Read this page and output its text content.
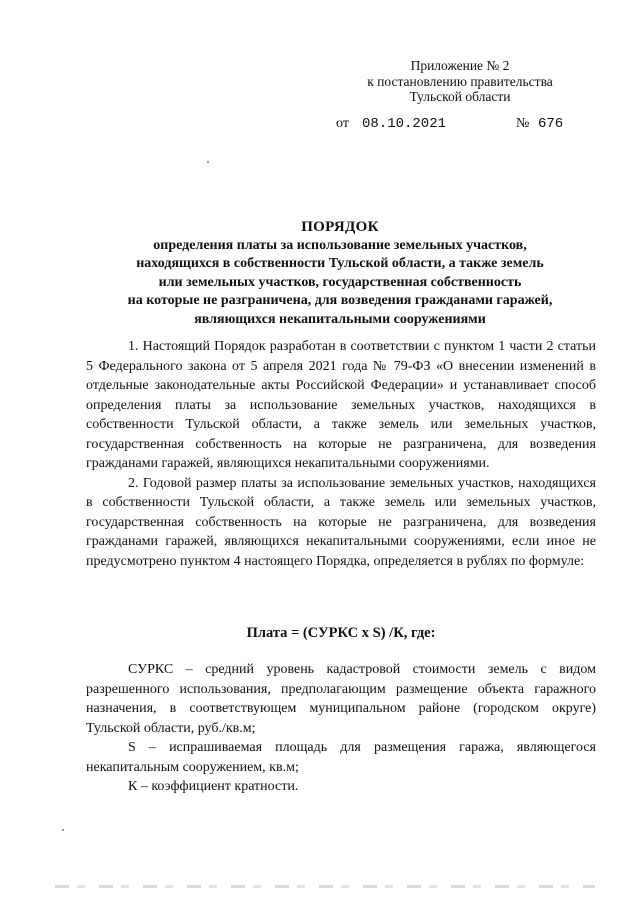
Приложение № 2
к постановлению правительства
Тульской области
от 08.10.2021	№ 676
ПОРЯДОК
определения платы за использование земельных участков,
находящихся в собственности Тульской области, а также земель
или земельных участков, государственная собственность
на которые не разграничена, для возведения гражданами гаражей,
являющихся некапитальными сооружениями

1. Настоящий Порядок разработан в соответствии с пунктом 1 части 2 статьи 5 Федерального закона от 5 апреля 2021 года № 79-ФЗ «О внесении изменений в отдельные законодательные акты Российской Федерации» и устанавливает способ определения платы за использование земельных участков, находящихся в собственности Тульской области, а также земель или земельных участков, государственная собственность на которые не разграничена, для возведения гражданами гаражей, являющихся некапитальными сооружениями.

2. Годовой размер платы за использование земельных участков, находящихся в собственности Тульской области, а также земель или земельных участков, государственная собственность на которые не разграничена, для возведения гражданами гаражей, являющихся некапитальными сооружениями, если иное не предусмотрено пунктом 4 настоящего Порядка, определяется в рублях по формуле:

Плата = (СУРКС x S) /К, где:

СУРКС – средний уровень кадастровой стоимости земель с видом разрешенного использования, предполагающим размещение объекта гаражного назначения, в соответствующем муниципальном районе (городском округе) Тульской области, руб./кв.м;

S – испрашиваемая площадь для размещения гаража, являющегося некапитальным сооружением, кв.м;

К – коэффициент кратности.
